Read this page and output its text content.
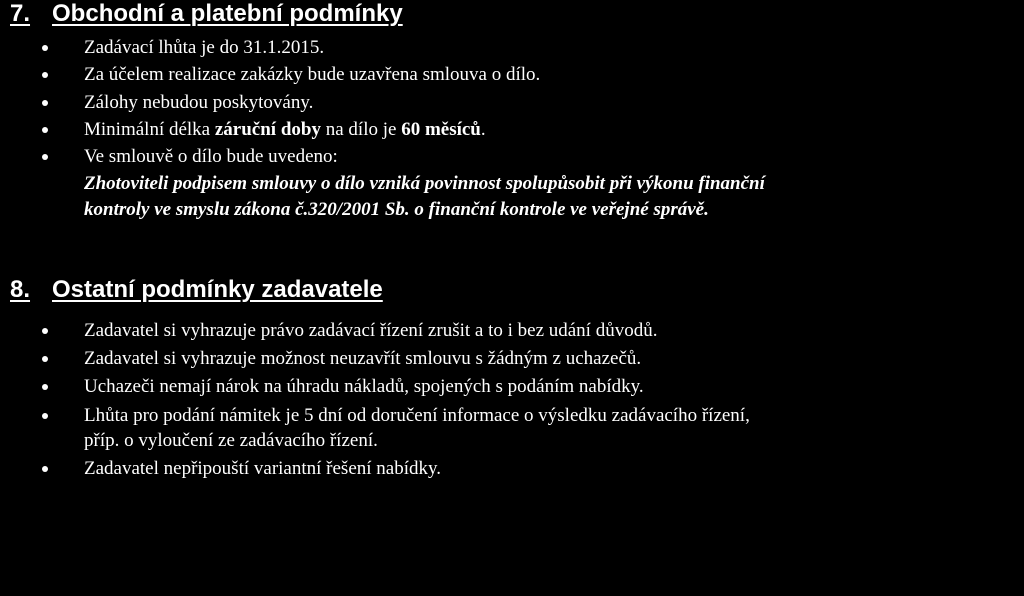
7. Obchodní a platební podmínky
Zadávací lhůta je do 31.1.2015.
Za účelem realizace zakázky bude uzavřena smlouva o dílo.
Zálohy nebudou poskytovány.
Minimální délka záruční doby na dílo je 60 měsíců.
Ve smlouvě o dílo bude uvedeno:
Zhotoviteli podpisem smlouvy o dílo vzniká povinnost spolupůsobit při výkonu finanční
kontroly ve smyslu zákona č.320/2001 Sb. o finanční kontrole ve veřejné správě.
8. Ostatní podmínky zadavatele
Zadavatel si vyhrazuje právo zadávací řízení zrušit a to i bez udání důvodů.
Zadavatel si vyhrazuje možnost neuzavřít smlouvu s žádným z uchazečů.
Uchazeči nemají nárok na úhradu nákladů, spojených s podáním nabídky.
Lhůta pro podání námitek je 5 dní od doručení informace o výsledku zadávacího řízení,
příp. o vyloučení ze zadávacího řízení.
Zadavatel nepřipouští variantní řešení nabídky.
